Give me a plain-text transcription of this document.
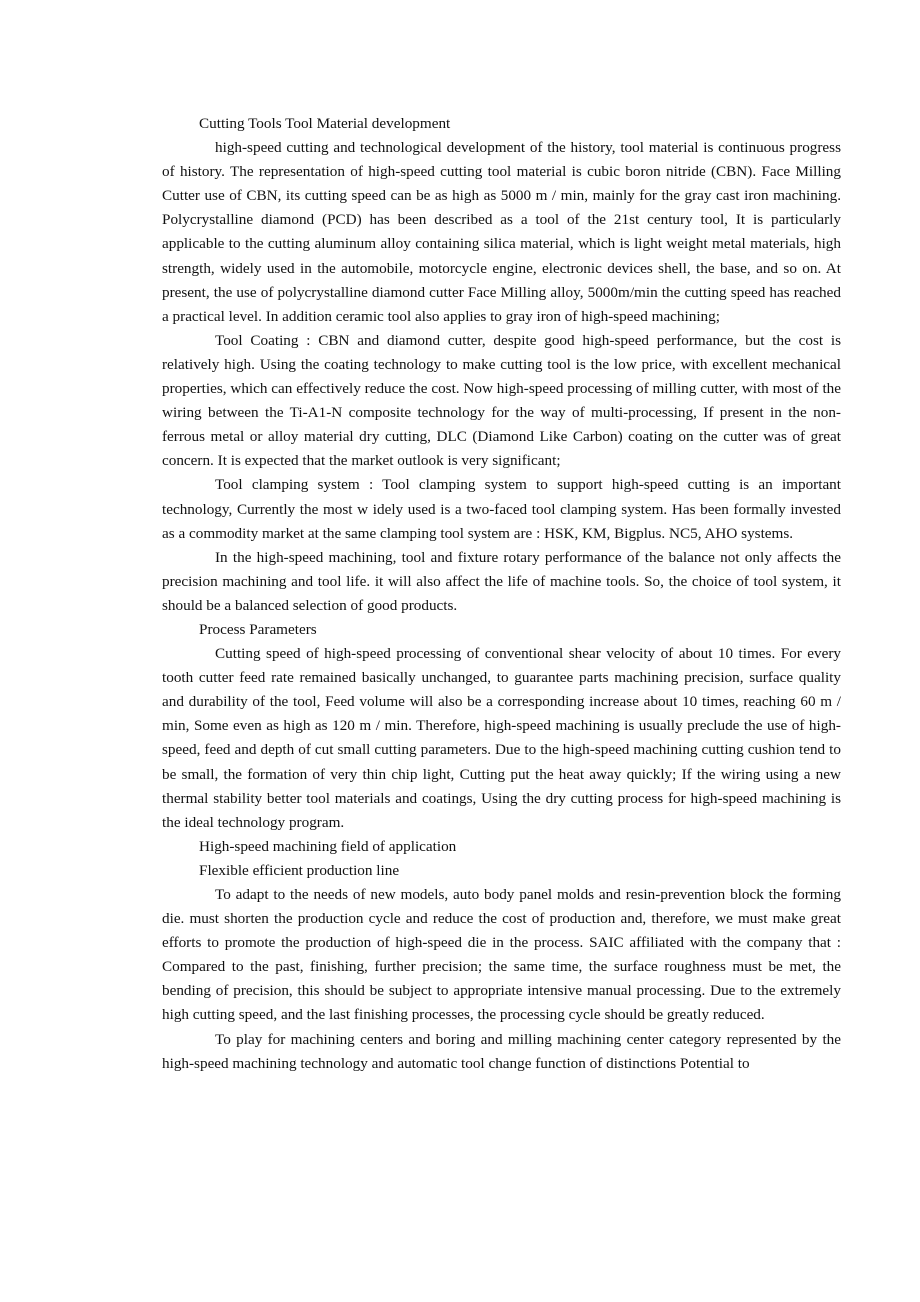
Cutting Tools Tool Material development

high-speed cutting and technological development of the history, tool material is continuous progress of history. The representation of high-speed cutting tool material is cubic boron nitride (CBN). Face Milling Cutter use of CBN, its cutting speed can be as high as 5000 m / min, mainly for the gray cast iron machining. Polycrystalline diamond (PCD) has been described as a tool of the 21st century tool, It is particularly applicable to the cutting aluminum alloy containing silica material, which is light weight metal materials, high strength, widely used in the automobile, motorcycle engine, electronic devices shell, the base, and so on. At present, the use of polycrystalline diamond cutter Face Milling alloy, 5000m/min the cutting speed has reached a practical level. In addition ceramic tool also applies to gray iron of high-speed machining;

Tool Coating : CBN and diamond cutter, despite good high-speed performance, but the cost is relatively high. Using the coating technology to make cutting tool is the low price, with excellent mechanical properties, which can effectively reduce the cost. Now high-speed processing of milling cutter, with most of the wiring between the Ti-A1-N composite technology for the way of multi-processing, If present in the non-ferrous metal or alloy material dry cutting, DLC (Diamond Like Carbon) coating on the cutter was of great concern. It is expected that the market outlook is very significant;

Tool clamping system : Tool clamping system to support high-speed cutting is an important technology, Currently the most w idely used is a two-faced tool clamping system. Has been formally invested as a commodity market at the same clamping tool system are : HSK, KM, Bigplus. NC5, AHO systems.

In the high-speed machining, tool and fixture rotary performance of the balance not only affects the precision machining and tool life. it will also affect the life of machine tools. So, the choice of tool system, it should be a balanced selection of good products.

Process Parameters

Cutting speed of high-speed processing of conventional shear velocity of about 10 times. For every tooth cutter feed rate remained basically unchanged, to guarantee parts machining precision, surface quality and durability of the tool, Feed volume will also be a corresponding increase about 10 times, reaching 60 m / min, Some even as high as 120 m / min. Therefore, high-speed machining is usually preclude the use of high-speed, feed and depth of cut small cutting parameters. Due to the high-speed machining cutting cushion tend to be small, the formation of very thin chip light, Cutting put the heat away quickly; If the wiring using a new thermal stability better tool materials and coatings, Using the dry cutting process for high-speed machining is the ideal technology program.

High-speed machining field of application

Flexible efficient production line

To adapt to the needs of new models, auto body panel molds and resin-prevention block the forming die. must shorten the production cycle and reduce the cost of production and, therefore, we must make great efforts to promote the production of high-speed die in the process. SAIC affiliated with the company that : Compared to the past, finishing, further precision; the same time, the surface roughness must be met, the bending of precision, this should be subject to appropriate intensive manual processing. Due to the extremely high cutting speed, and the last finishing processes, the processing cycle should be greatly reduced.

To play for machining centers and boring and milling machining center category represented by the high-speed machining technology and automatic tool change function of distinctions Potential to
